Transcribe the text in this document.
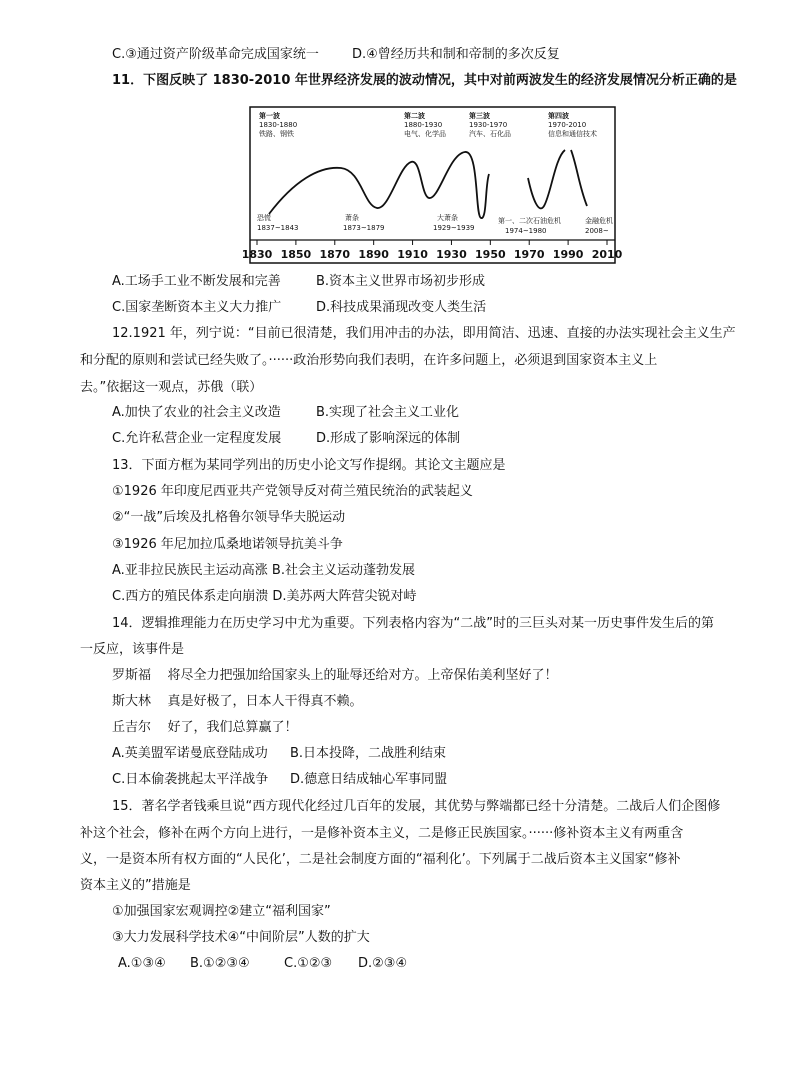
C.③通过资产阶级革命完成国家统一	D.④曾经历共和制和帝制的多次反复
11．下图反映了 1830-2010 年世界经济发展的波动情况，其中对前两波发生的经济发展情况分析正确的是
1830 1850 1870 1890 1910 1930 1950 1970 1990 2010
第一波
1830-1880
铁路、钢铁
第二波
1880-1930
电气、化学品
第三波
1930-1970
汽车、石化品
第四波
1970-2010
信息和通信技术
恐慌
1837~1843
萧条
1873~1879
大萧条
1929~1939
第一、二次石油危机
1974~1980
金融危机
2008~
A.工场手工业不断发展和完善	B.资本主义世界市场初步形成
C.国家垄断资本主义大力推广	D.科技成果涌现改变人类生活
12.1921 年，列宁说：“目前已很清楚，我们用冲击的办法，即用简洁、迅速、直接的办法实现社会主义生产
和分配的原则和尝试已经失败了。······政治形势向我们表明，在许多问题上，必须退到国家资本主义上
去。”依据这一观点，苏俄（联）
A.加快了农业的社会主义改造	B.实现了社会主义工业化
C.允许私营企业一定程度发展	D.形成了影响深远的体制
13．下面方框为某同学列出的历史小论文写作提纲。其论文主题应是
①1926 年印度尼西亚共产党领导反对荷兰殖民统治的武装起义
②“一战”后埃及扎格鲁尔领导华夫脱运动
③1926 年尼加拉瓜桑地诺领导抗美斗争
A.亚非拉民族民主运动高涨 B.社会主义运动蓬勃发展
C.西方的殖民体系走向崩溃 D.美苏两大阵营尖锐对峙
14．逻辑推理能力在历史学习中尤为重要。下列表格内容为“二战”时的三巨头对某一历史事件发生后的第
一反应，该事件是
罗斯福 将尽全力把强加给国家头上的耻辱还给对方。上帝保佑美利坚好了！
斯大林 真是好极了，日本人干得真不赖。
丘吉尔 好了，我们总算赢了！
A.英美盟军诺曼底登陆成功 B.日本投降，二战胜利结束
C.日本偷袭挑起太平洋战争 D.德意日结成轴心军事同盟
15．著名学者钱乘旦说“西方现代化经过几百年的发展，其优势与弊端都已经十分清楚。二战后人们企图修
补这个社会，修补在两个方向上进行，一是修补资本主义，二是修正民族国家。······修补资本主义有两重含
义，一是资本所有权方面的“人民化’，二是社会制度方面的“福利化’。下列属于二战后资本主义国家“修补
资本主义的”措施是
①加强国家宏观调控②建立“福利国家”
③大力发展科学技术④“中间阶层”人数的扩大
A.①③④ B.①②③④	C.①②③ D.②③④
